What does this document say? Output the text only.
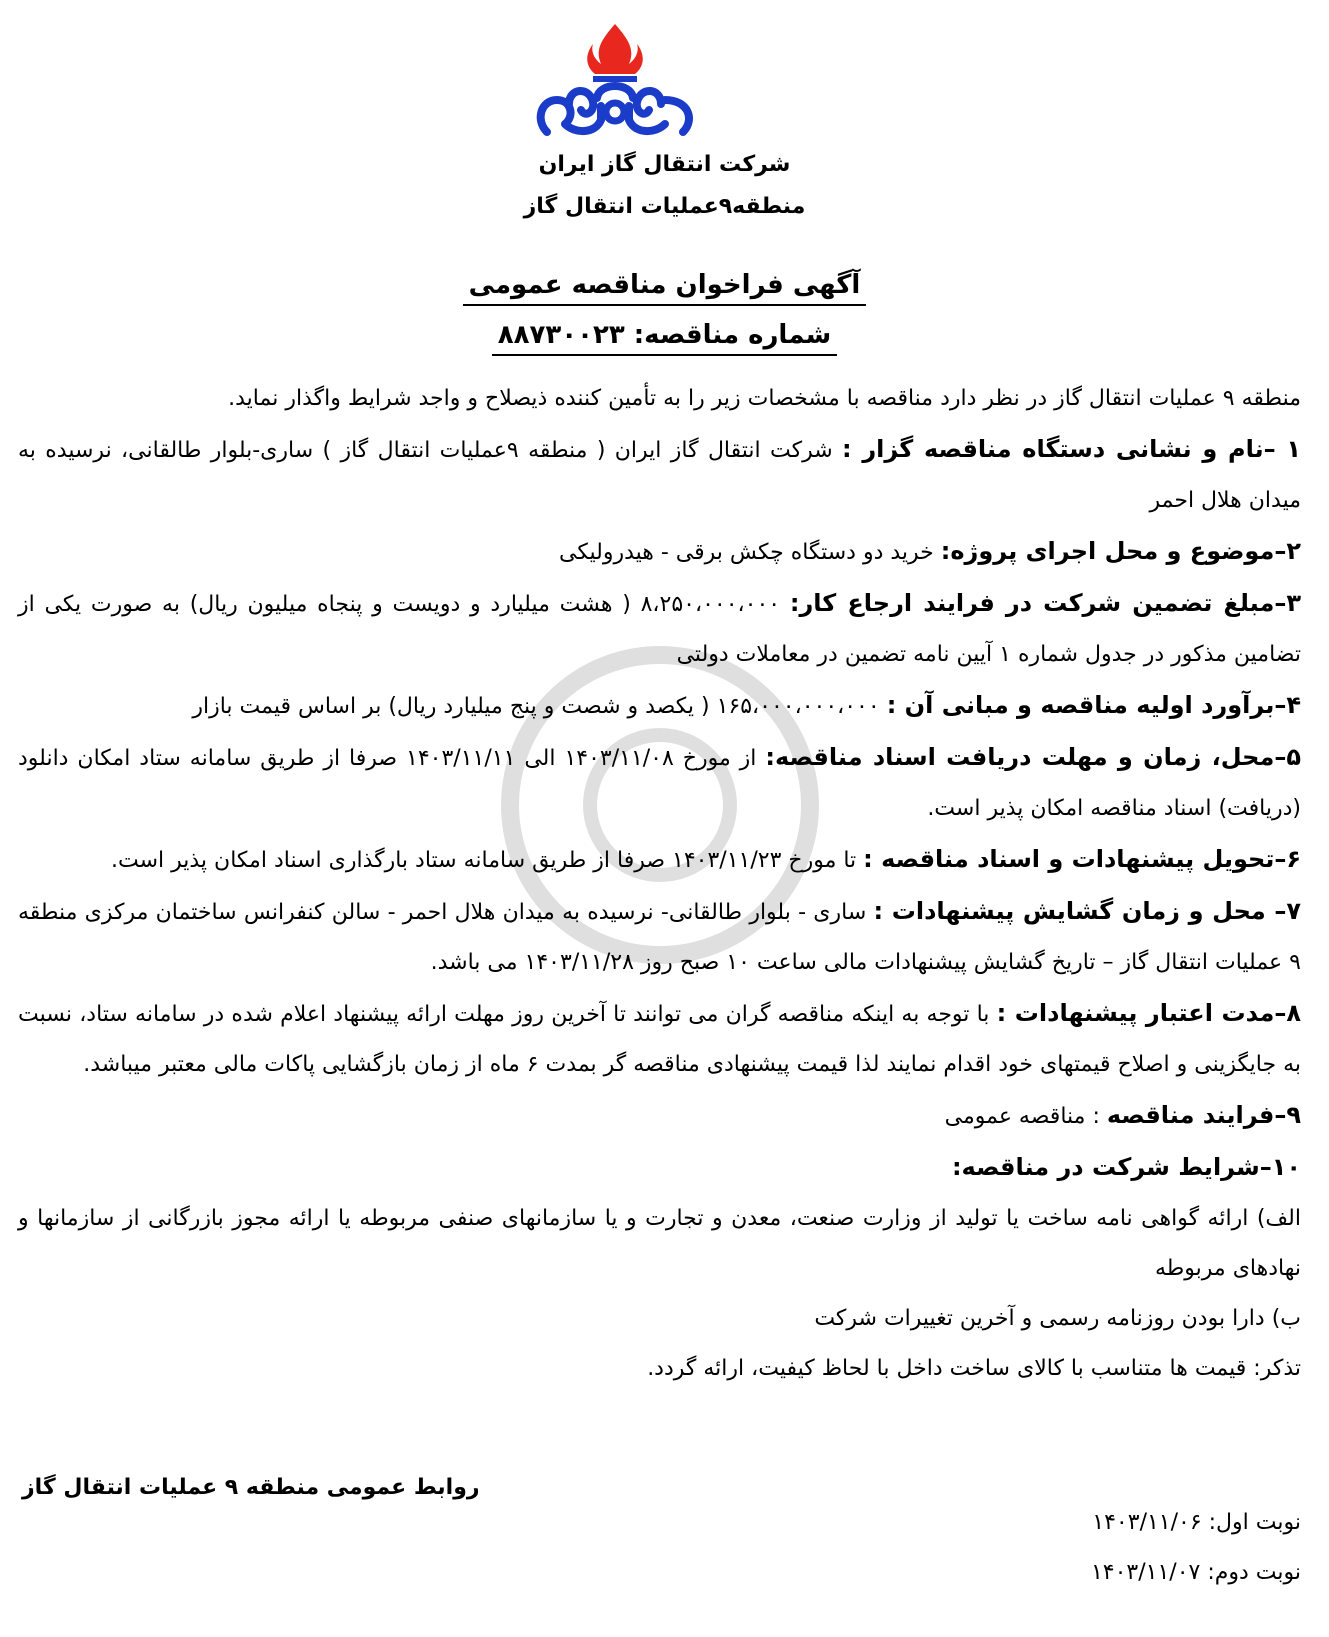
شرکت انتقال گاز ایران
منطقه۹عملیات انتقال گاز
آگهی فراخوان مناقصه عمومی
شماره مناقصه: ۸۸۷۳۰۰۲۳

منطقه ۹ عملیات انتقال گاز در نظر دارد مناقصه با مشخصات زیر را به تأمین کننده ذیصلاح و واجد شرایط واگذار نماید.

۱ –نام و نشانی دستگاه مناقصه گزار : شرکت انتقال گاز ایران ( منطقه ۹عملیات انتقال گاز ) ساری-بلوار طالقانی، نرسیده به میدان هلال احمر

۲–موضوع و محل اجرای پروژه: خرید دو دستگاه چکش برقی - هیدرولیکی

۳–مبلغ تضمین شرکت در فرایند ارجاع کار: ۸،۲۵۰،۰۰۰،۰۰۰ ( هشت میلیارد و دویست و پنجاه میلیون ریال) به صورت یکی از تضامین مذکور در جدول شماره ۱ آیین نامه تضمین در معاملات دولتی

۴–برآورد اولیه مناقصه و مبانی آن : ۱۶۵،۰۰۰،۰۰۰،۰۰۰ ( یکصد و شصت و پنج میلیارد ریال) بر اساس قیمت بازار

۵–محل، زمان و مهلت دریافت اسناد مناقصه: از مورخ ۱۴۰۳/۱۱/۰۸ الی ۱۴۰۳/۱۱/۱۱ صرفا از طریق سامانه ستاد امکان دانلود (دریافت) اسناد مناقصه امکان پذیر است.

۶–تحویل پیشنهادات و اسناد مناقصه : تا مورخ ۱۴۰۳/۱۱/۲۳ صرفا از طریق سامانه ستاد بارگذاری اسناد امکان پذیر است.

۷– محل و زمان گشایش پیشنهادات : ساری - بلوار طالقانی- نرسیده به میدان هلال احمر - سالن کنفرانس ساختمان مرکزی منطقه ۹ عملیات انتقال گاز – تاریخ گشایش پیشنهادات مالی ساعت ۱۰ صبح روز ۱۴۰۳/۱۱/۲۸ می باشد.

۸–مدت اعتبار پیشنهادات : با توجه به اینکه مناقصه گران می توانند تا آخرین روز مهلت ارائه پیشنهاد اعلام شده در سامانه ستاد، نسبت به جایگزینی و اصلاح قیمتهای خود اقدام نمایند لذا قیمت پیشنهادی مناقصه گر بمدت ۶ ماه از زمان بازگشایی پاکات مالی معتبر میباشد.

۹–فرایند مناقصه : مناقصه عمومی

۱۰–شرایط شرکت در مناقصه:

الف) ارائه گواهی نامه ساخت یا تولید از وزارت صنعت، معدن و تجارت و یا سازمانهای صنفی مربوطه یا ارائه مجوز بازرگانی از سازمانها و نهادهای مربوطه

ب) دارا بودن روزنامه رسمی و آخرین تغییرات شرکت

تذکر: قیمت ها متناسب با کالای ساخت داخل با لحاظ کیفیت، ارائه گردد.

روابط عمومی منطقه ۹ عملیات انتقال گاز
نوبت اول: ۱۴۰۳/۱۱/۰۶
نوبت دوم: ۱۴۰۳/۱۱/۰۷
